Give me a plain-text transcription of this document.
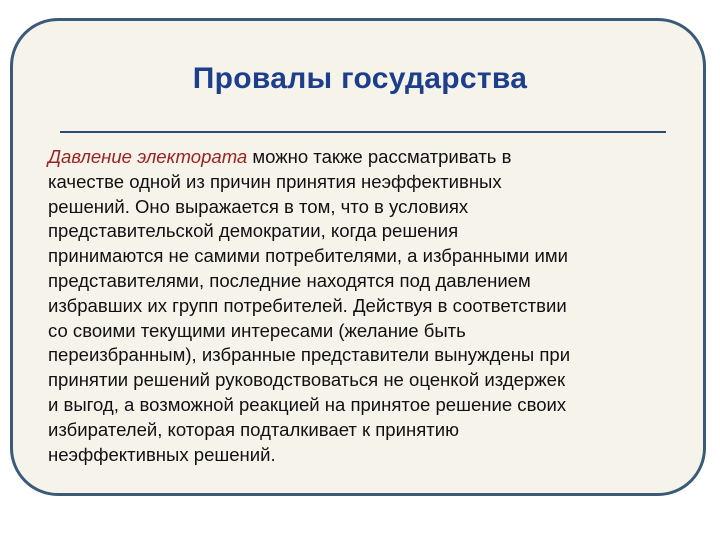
Провалы государства
Давление электората можно также рассматривать в
качестве одной из причин принятия неэффективных
решений. Оно выражается в том, что в условиях
представительской демократии, когда решения
принимаются не самими потребителями, а избранными ими
представителями, последние находятся под давлением
избравших их групп потребителей. Действуя в соответствии
со своими текущими интересами (желание быть
переизбранным), избранные представители вынуждены при
принятии решений руководствоваться не оценкой издержек
и выгод, а возможной реакцией на принятое решение своих
избирателей, которая подталкивает к принятию
неэффективных решений.
